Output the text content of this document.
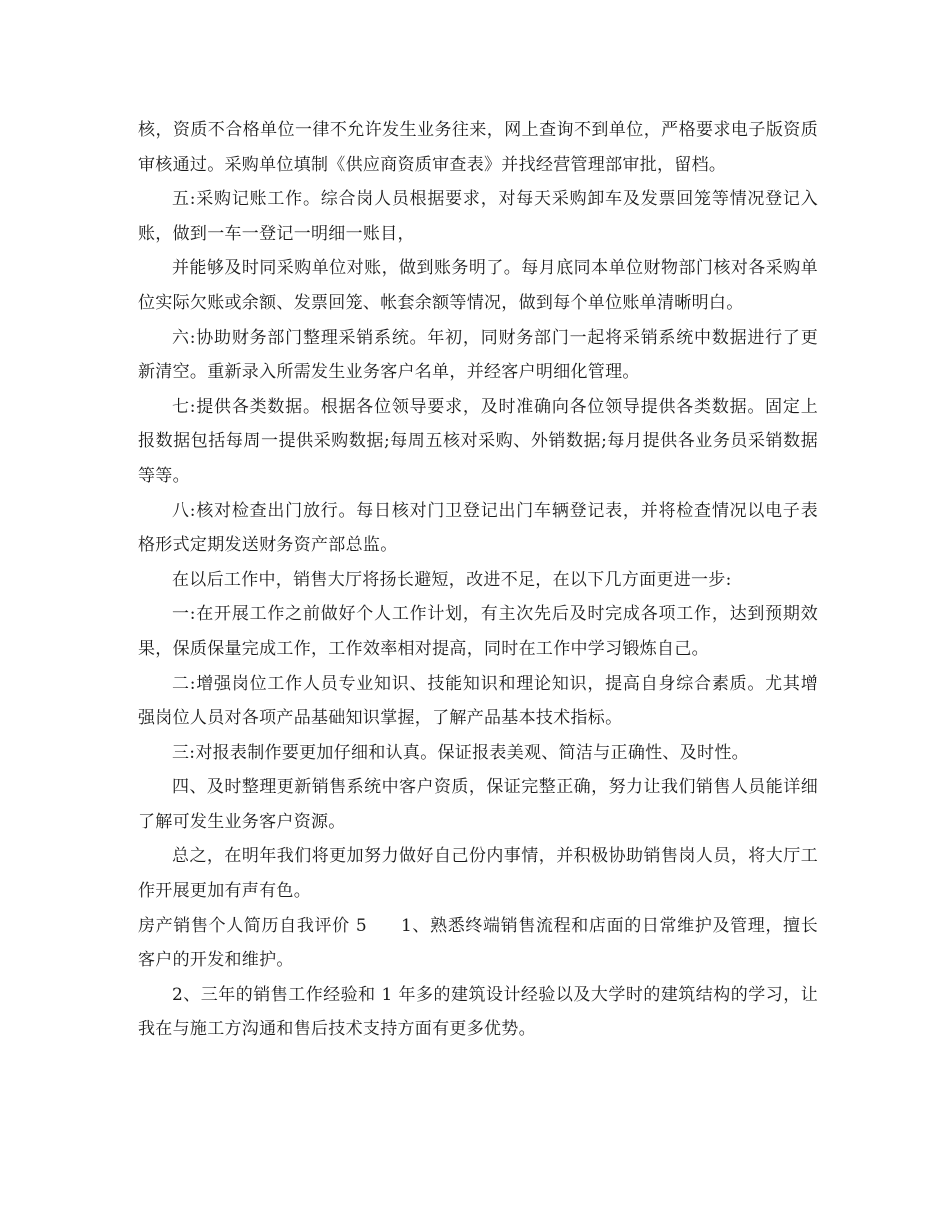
核，资质不合格单位一律不允许发生业务往来，网上查询不到单位，严格要求电子版资质审核通过。采购单位填制《供应商资质审查表》并找经营管理部审批，留档。

五:采购记账工作。综合岗人员根据要求，对每天采购卸车及发票回笼等情况登记入账，做到一车一登记一明细一账目，

并能够及时同采购单位对账，做到账务明了。每月底同本单位财物部门核对各采购单位实际欠账或余额、发票回笼、帐套余额等情况，做到每个单位账单清晰明白。

六:协助财务部门整理采销系统。年初，同财务部门一起将采销系统中数据进行了更新清空。重新录入所需发生业务客户名单，并经客户明细化管理。

七:提供各类数据。根据各位领导要求，及时准确向各位领导提供各类数据。固定上报数据包括每周一提供采购数据;每周五核对采购、外销数据;每月提供各业务员采销数据等等。

八:核对检查出门放行。每日核对门卫登记出门车辆登记表，并将检查情况以电子表格形式定期发送财务资产部总监。

在以后工作中，销售大厅将扬长避短，改进不足，在以下几方面更进一步:

一:在开展工作之前做好个人工作计划，有主次先后及时完成各项工作，达到预期效果，保质保量完成工作，工作效率相对提高，同时在工作中学习锻炼自己。

二:增强岗位工作人员专业知识、技能知识和理论知识，提高自身综合素质。尤其增强岗位人员对各项产品基础知识掌握，了解产品基本技术指标。

三:对报表制作要更加仔细和认真。保证报表美观、简洁与正确性、及时性。

四、及时整理更新销售系统中客户资质，保证完整正确，努力让我们销售人员能详细了解可发生业务客户资源。

总之，在明年我们将更加努力做好自己份内事情，并积极协助销售岗人员，将大厅工作开展更加有声有色。

房产销售个人简历自我评价 5 1、熟悉终端销售流程和店面的日常维护及管理，擅长客户的开发和维护。

2、三年的销售工作经验和 1 年多的建筑设计经验以及大学时的建筑结构的学习，让我在与施工方沟通和售后技术支持方面有更多优势。
